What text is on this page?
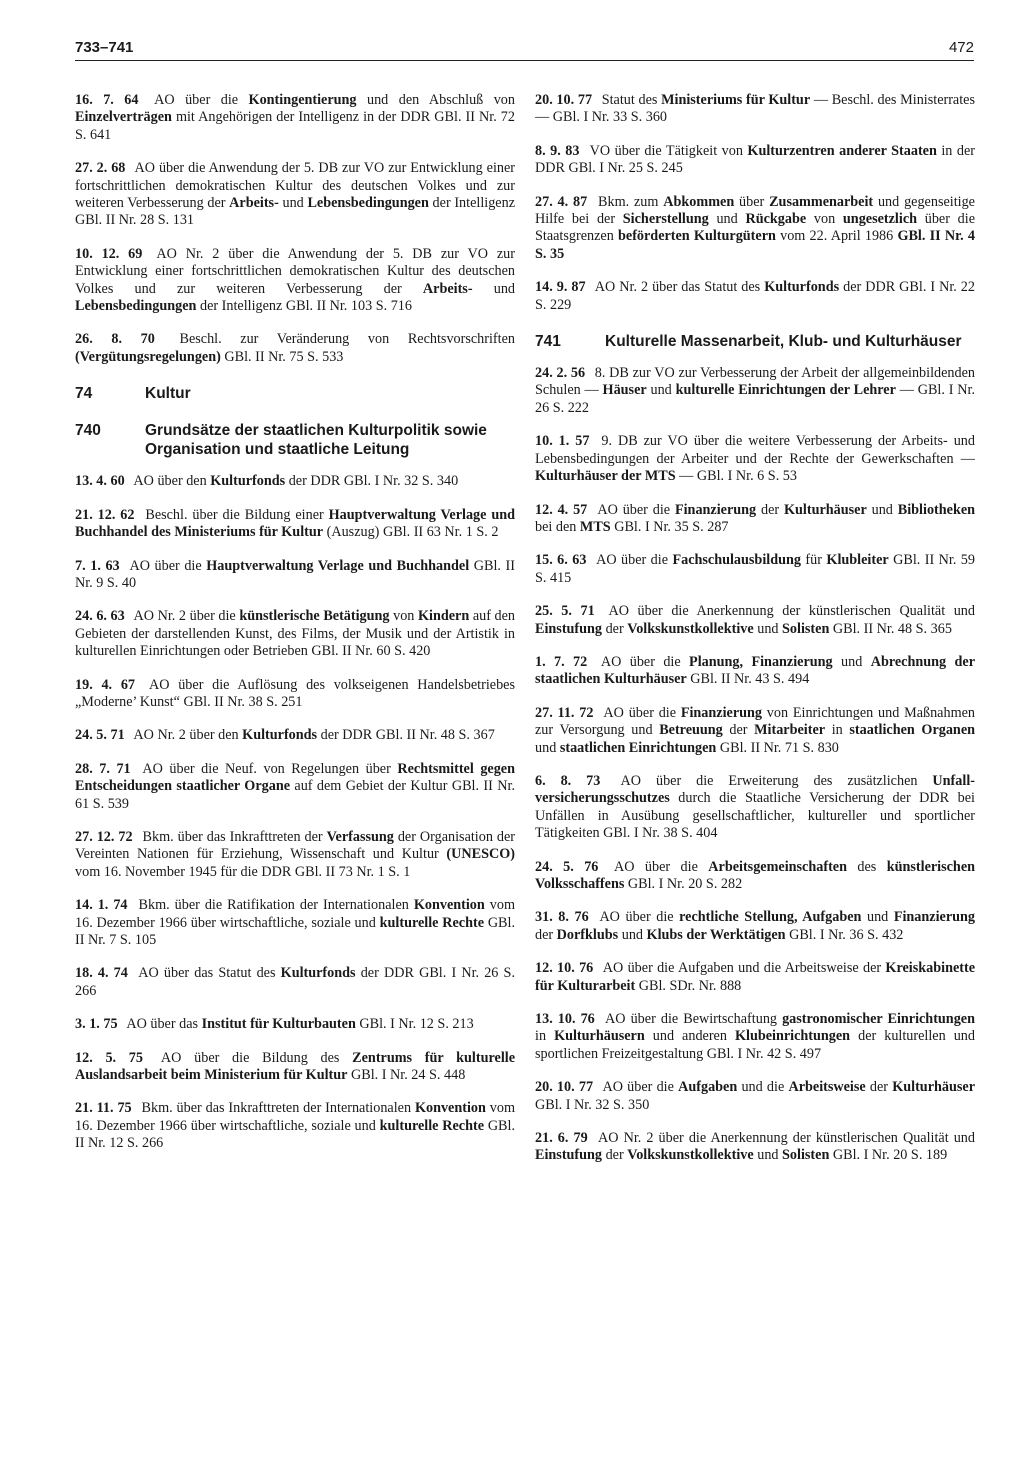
733–741	472

16. 7. 64 AO über die Kontingentierung und den Abschluß von Einzelverträgen mit Angehörigen der Intelligenz in der DDR GBl. II Nr. 72 S. 641

27. 2. 68 AO über die Anwendung der 5. DB zur VO zur Entwicklung einer fortschrittlichen demokratischen Kultur des deutschen Volkes und zur weiteren Verbesserung der Arbeits- und Lebensbedingungen der Intelligenz GBl. II Nr. 28 S. 131

10. 12. 69 AO Nr. 2 über die Anwendung der 5. DB zur VO zur Entwicklung einer fortschrittlichen demokratischen Kultur des deutschen Volkes und zur weiteren Verbesserung der Arbeits- und Lebensbedingungen der Intelligenz GBl. II Nr. 103 S. 716

26. 8. 70 Beschl. zur Veränderung von Rechtsvorschriften (Vergütungsregelungen) GBl. II Nr. 75 S. 533

74	Kultur
740	Grundsätze der staatlichen Kulturpolitik sowie Organisation und staatliche Leitung

13. 4. 60 AO über den Kulturfonds der DDR GBl. I Nr. 32 S. 340

21. 12. 62 Beschl. über die Bildung einer Hauptverwaltung Verlage und Buchhandel des Ministeriums für Kultur (Auszug) GBl. II 63 Nr. 1 S. 2

7. 1. 63 AO über die Hauptverwaltung Verlage und Buchhandel GBl. II Nr. 9 S. 40

24. 6. 63 AO Nr. 2 über die künstlerische Betätigung von Kindern auf den Gebieten der darstellenden Kunst, des Films, der Musik und der Artistik in kulturellen Einrichtungen oder Betrieben GBl. II Nr. 60 S. 420

19. 4. 67 AO über die Auflösung des volkseigenen Handelsbetriebes „Moderne’ Kunst“ GBl. II Nr. 38 S. 251

24. 5. 71 AO Nr. 2 über den Kulturfonds der DDR GBl. II Nr. 48 S. 367

28. 7. 71 AO über die Neuf. von Regelungen über Rechtsmittel gegen Entscheidungen staatlicher Organe auf dem Gebiet der Kultur GBl. II Nr. 61 S. 539

27. 12. 72 Bkm. über das Inkrafttreten der Verfassung der Organisation der Vereinten Nationen für Erziehung, Wissenschaft und Kultur (UNESCO) vom 16. November 1945 für die DDR GBl. II 73 Nr. 1 S. 1

14. 1. 74 Bkm. über die Ratifikation der Internationalen Konvention vom 16. Dezember 1966 über wirtschaftliche, soziale und kulturelle Rechte GBl. II Nr. 7 S. 105

18. 4. 74 AO über das Statut des Kulturfonds der DDR GBl. I Nr. 26 S. 266

3. 1. 75 AO über das Institut für Kulturbauten GBl. I Nr. 12 S. 213

12. 5. 75 AO über die Bildung des Zentrums für kulturelle Auslandsarbeit beim Ministerium für Kultur GBl. I Nr. 24 S. 448

21. 11. 75 Bkm. über das Inkrafttreten der Internationalen Konvention vom 16. Dezember 1966 über wirtschaftliche, soziale und kulturelle Rechte GBl. II Nr. 12 S. 266

20. 10. 77 Statut des Ministeriums für Kultur — Beschl. des Ministerrates — GBl. I Nr. 33 S. 360

8. 9. 83 VO über die Tätigkeit von Kulturzentren anderer Staaten in der DDR GBl. I Nr. 25 S. 245

27. 4. 87 Bkm. zum Abkommen über Zusammenarbeit und gegenseitige Hilfe bei der Sicherstellung und Rückgabe von ungesetzlich über die Staatsgrenzen beförderten Kulturgütern vom 22. April 1986 GBl. II Nr. 4 S. 35

14. 9. 87 AO Nr. 2 über das Statut des Kulturfonds der DDR GBl. I Nr. 22 S. 229

741	Kulturelle Massenarbeit, Klub- und Kulturhäuser

24. 2. 56 8. DB zur VO zur Verbesserung der Arbeit der allgemeinbildenden Schulen — Häuser und kulturelle Einrichtungen der Lehrer — GBl. I Nr. 26 S. 222

10. 1. 57 9. DB zur VO über die weitere Verbesserung der Arbeits- und Lebensbedingungen der Arbeiter und der Rechte der Gewerkschaften — Kulturhäuser der MTS — GBl. I Nr. 6 S. 53

12. 4. 57 AO über die Finanzierung der Kulturhäuser und Bibliotheken bei den MTS GBl. I Nr. 35 S. 287

15. 6. 63 AO über die Fachschulausbildung für Klubleiter GBl. II Nr. 59 S. 415

25. 5. 71 AO über die Anerkennung der künstlerischen Qualität und Einstufung der Volkskunstkollektive und Solisten GBl. II Nr. 48 S. 365

1. 7. 72 AO über die Planung, Finanzierung und Abrechnung der staatlichen Kulturhäuser GBl. II Nr. 43 S. 494

27. 11. 72 AO über die Finanzierung von Einrichtungen und Maßnahmen zur Versorgung und Betreuung der Mitarbeiter in staatlichen Organen und staatlichen Einrichtungen GBl. II Nr. 71 S. 830

6. 8. 73 AO über die Erweiterung des zusätzlichen Unfallversicherungsschutzes durch die Staatliche Versicherung der DDR bei Unfällen in Ausübung gesellschaftlicher, kultureller und sportlicher Tätigkeiten GBl. I Nr. 38 S. 404

24. 5. 76 AO über die Arbeitsgemeinschaften des künstlerischen Volksschaffens GBl. I Nr. 20 S. 282

31. 8. 76 AO über die rechtliche Stellung, Aufgaben und Finanzierung der Dorfklubs und Klubs der Werktätigen GBl. I Nr. 36 S. 432

12. 10. 76 AO über die Aufgaben und die Arbeitsweise der Kreiskabinette für Kulturarbeit GBl. SDr. Nr. 888

13. 10. 76 AO über die Bewirtschaftung gastronomischer Einrichtungen in Kulturhäusern und anderen Klubeinrichtungen der kulturellen und sportlichen Freizeitgestaltung GBl. I Nr. 42 S. 497

20. 10. 77 AO über die Aufgaben und die Arbeitsweise der Kulturhäuser GBl. I Nr. 32 S. 350

21. 6. 79 AO Nr. 2 über die Anerkennung der künstlerischen Qualität und Einstufung der Volkskunstkollektive und Solisten GBl. I Nr. 20 S. 189
